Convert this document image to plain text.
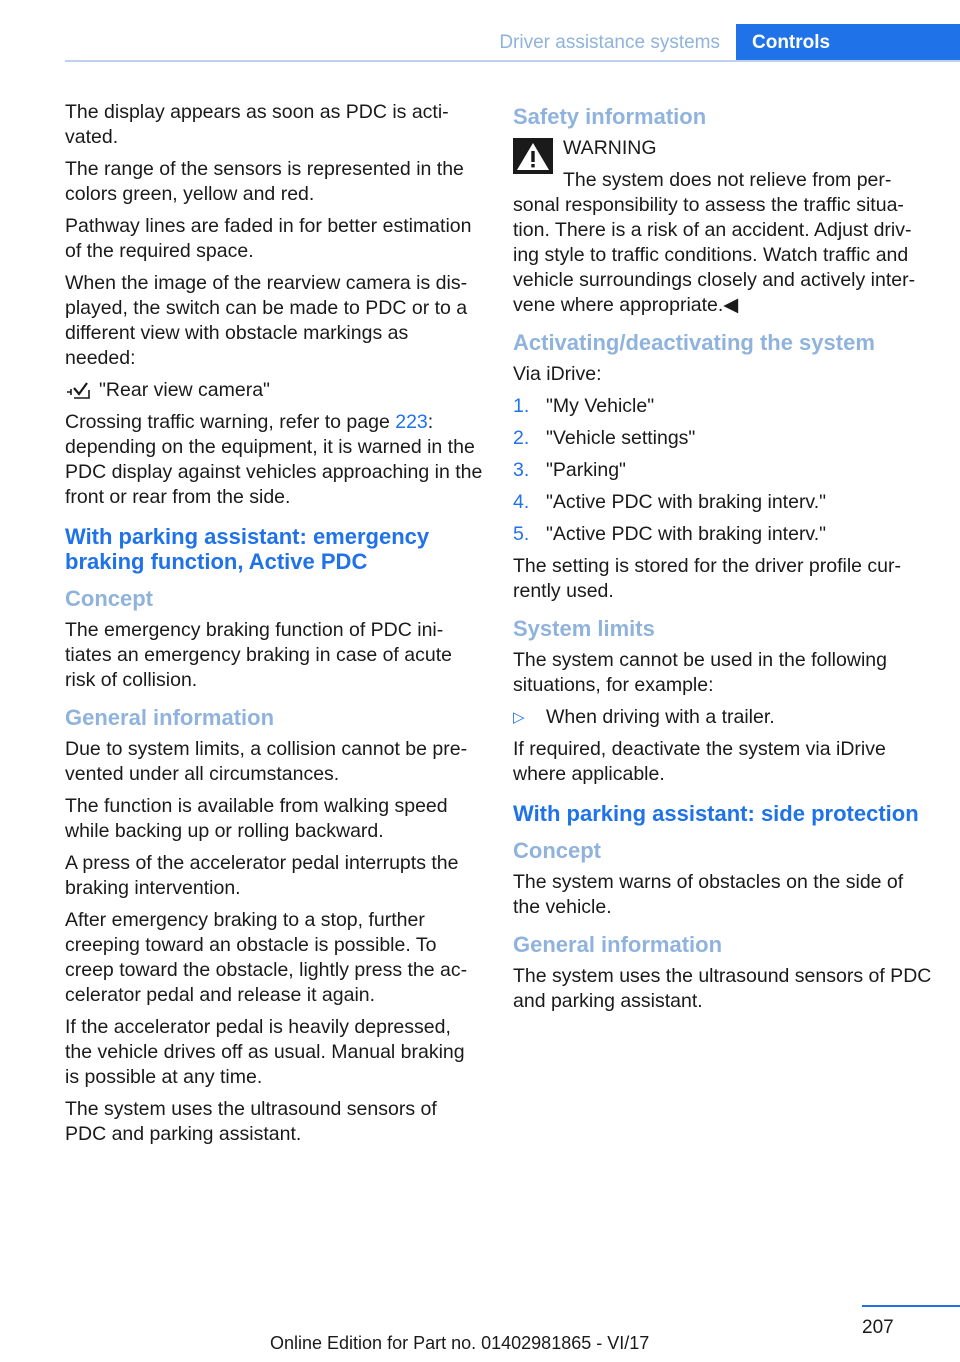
Driver assistance systems	Controls

The display appears as soon as PDC is acti‐vated.

The range of the sensors is represented in the colors green, yellow and red.

Pathway lines are faded in for better estimation of the required space.

When the image of the rearview camera is dis‐played, the switch can be made to PDC or to a different view with obstacle markings as needed:

"Rear view camera"

Crossing traffic warning, refer to page 223: depending on the equipment, it is warned in the PDC display against vehicles approaching in the front or rear from the side.

With parking assistant: emergency braking function, Active PDC
Concept

The emergency braking function of PDC ini‐tiates an emergency braking in case of acute risk of collision.

General information

Due to system limits, a collision cannot be pre‐vented under all circumstances.

The function is available from walking speed while backing up or rolling backward.

A press of the accelerator pedal interrupts the braking intervention.

After emergency braking to a stop, further creeping toward an obstacle is possible. To creep toward the obstacle, lightly press the ac‐celerator pedal and release it again.

If the accelerator pedal is heavily depressed, the vehicle drives off as usual. Manual braking is possible at any time.

The system uses the ultrasound sensors of PDC and parking assistant.

Safety information

WARNING

The system does not relieve from per‐sonal responsibility to assess the traffic situa‐tion. There is a risk of an accident. Adjust driv‐ing style to traffic conditions. Watch traffic and vehicle surroundings closely and actively inter‐vene where appropriate.◀

Activating/deactivating the system

Via iDrive:

1. "My Vehicle"
2. "Vehicle settings"
3. "Parking"
4. "Active PDC with braking interv."
5. "Active PDC with braking interv."

The setting is stored for the driver profile cur‐rently used.

System limits

The system cannot be used in the following situations, for example:

▷	When driving with a trailer.

If required, deactivate the system via iDrive where applicable.

With parking assistant: side protection
Concept

The system warns of obstacles on the side of the vehicle.

General information

The system uses the ultrasound sensors of PDC and parking assistant.

207
Online Edition for Part no. 01402981865 - VI/17
